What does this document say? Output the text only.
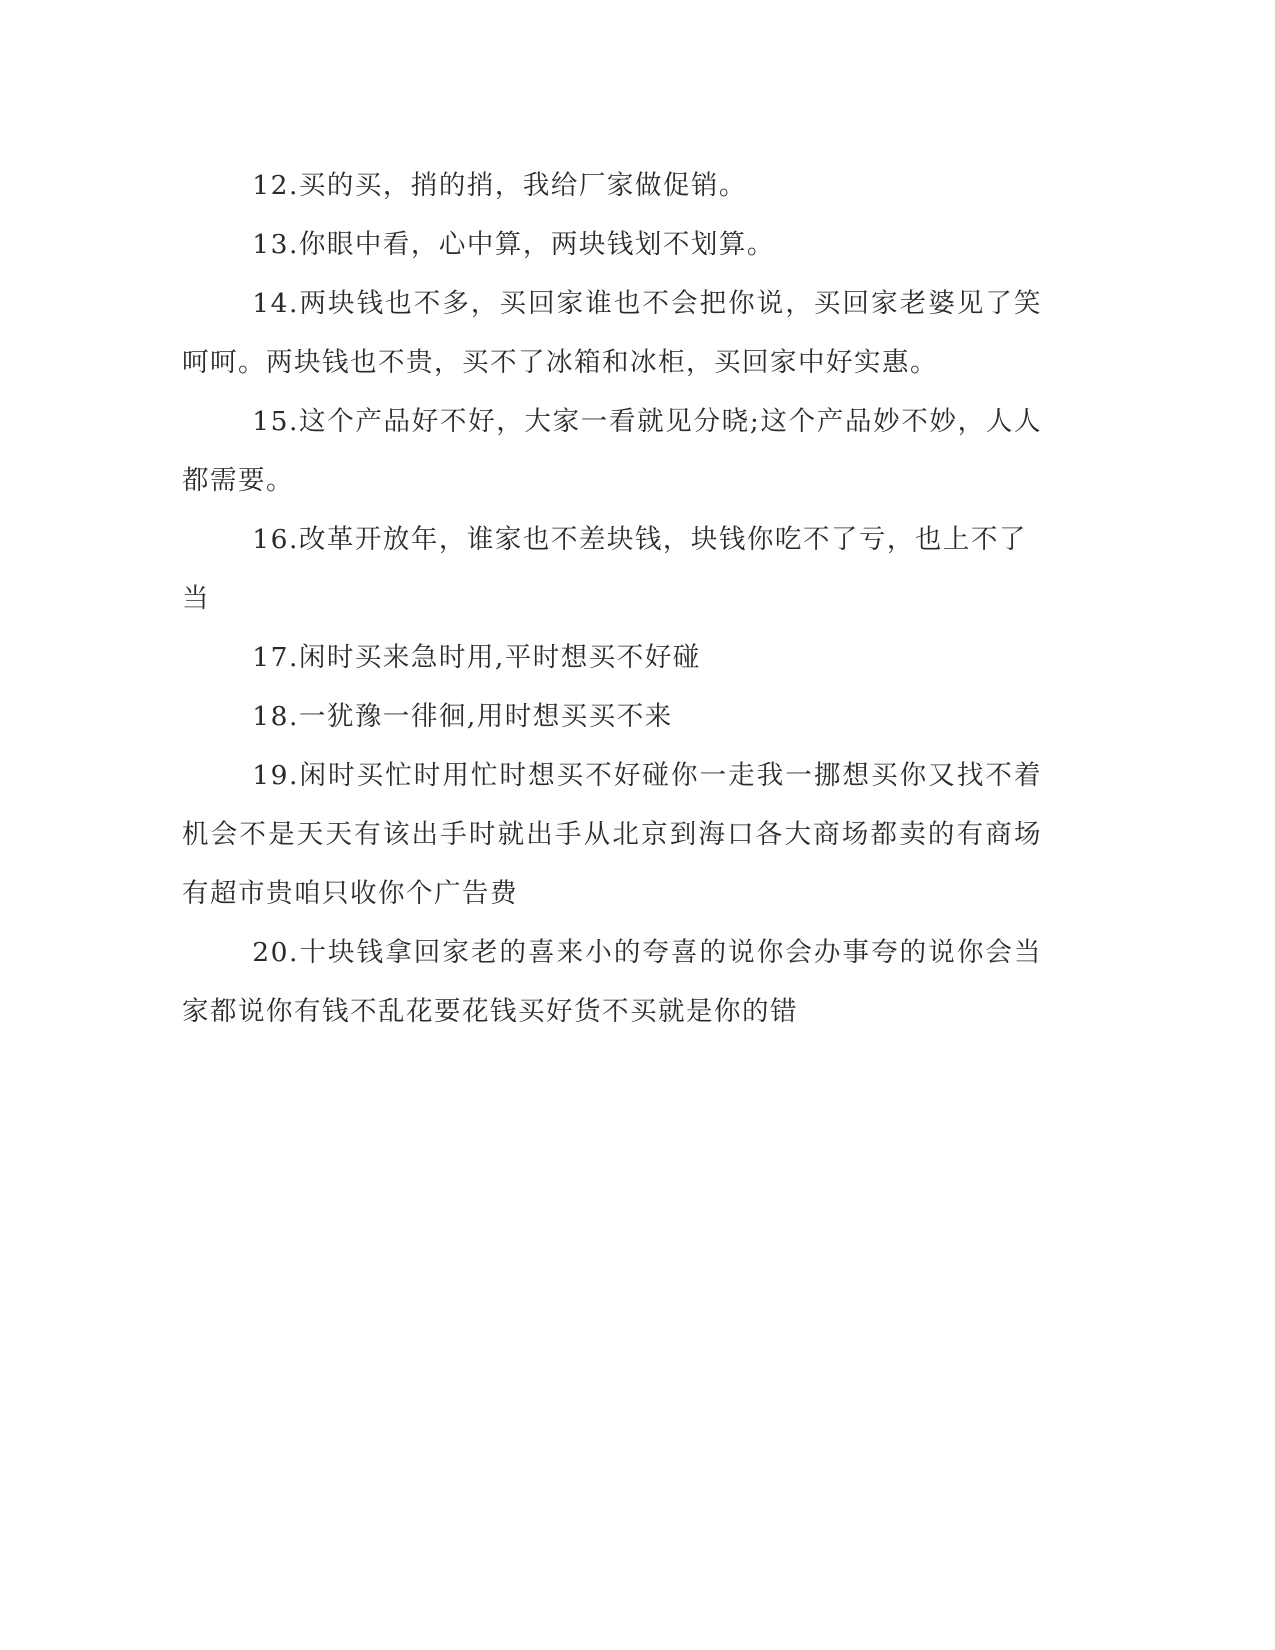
12.买的买，捎的捎，我给厂家做促销。

13.你眼中看，心中算，两块钱划不划算。

14.两块钱也不多，买回家谁也不会把你说，买回家老婆见了笑呵呵。两块钱也不贵，买不了冰箱和冰柜，买回家中好实惠。

15.这个产品好不好，大家一看就见分晓;这个产品妙不妙，人人都需要。

16.改革开放年，谁家也不差块钱，块钱你吃不了亏，也上不了当

17.闲时买来急时用,平时想买不好碰

18.一犹豫一徘徊,用时想买买不来

19.闲时买忙时用忙时想买不好碰你一走我一挪想买你又找不着机会不是天天有该出手时就出手从北京到海口各大商场都卖的有商场有超市贵咱只收你个广告费

20.十块钱拿回家老的喜来小的夸喜的说你会办事夸的说你会当家都说你有钱不乱花要花钱买好货不买就是你的错
